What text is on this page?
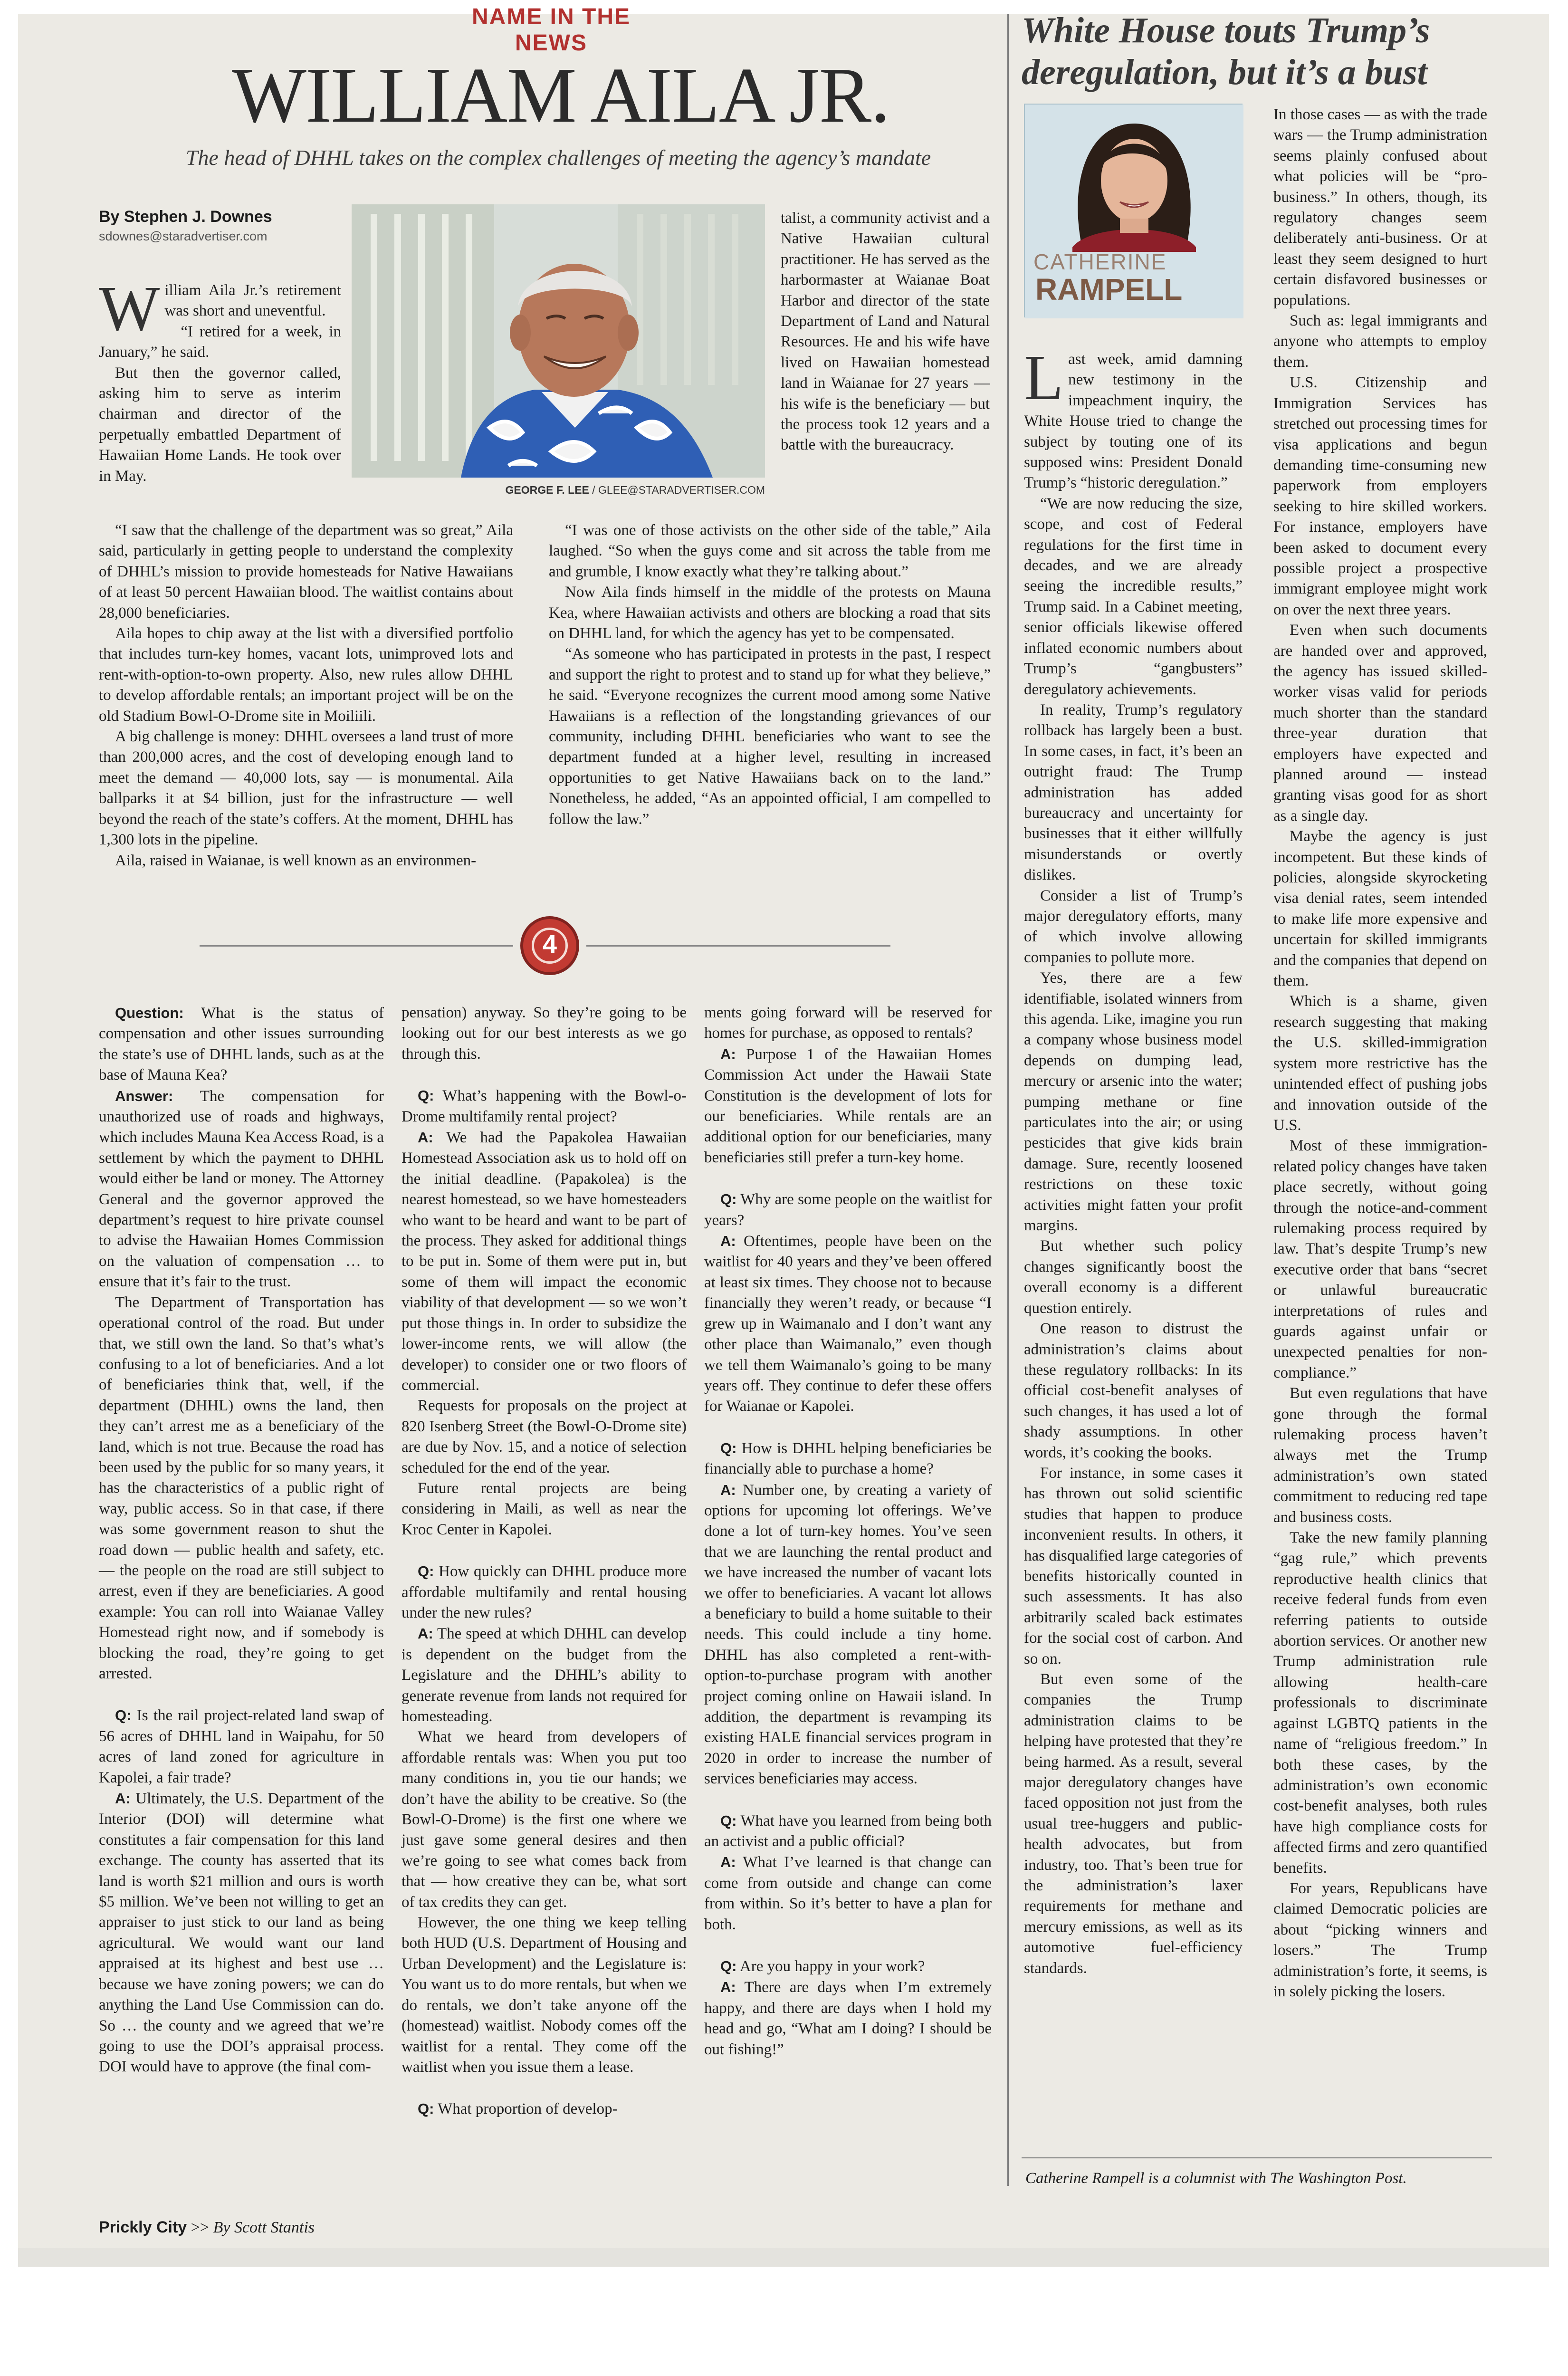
NAME IN THE NEWS
WILLIAM AILA JR.
The head of DHHL takes on the complex challenges of meeting the agency’s mandate
By Stephen J. Downes
sdownes@staradvertiser.com
GEORGE F. LEE / GLEE@STARADVERTISER.COM
W illiam Aila Jr.’s retirement was short and uneventful.

“I retired for a week, in January,” he said.

But then the governor called, asking him to serve as interim chairman and director of the perpetually embattled Department of Hawaiian Home Lands. He took over in May.

talist, a community activist and a Native Hawaiian cultural practitioner. He has served as the harbormaster at Waianae Boat Harbor and director of the state Department of Land and Natural Resources. He and his wife have lived on Hawaiian homestead land in Waianae for 27 years — his wife is the beneficiary — but the process took 12 years and a battle with the bureaucracy.

“I saw that the challenge of the department was so great,” Aila said, particularly in getting people to understand the complexity of DHHL’s mission to provide homesteads for Native Hawaiians of at least 50 percent Hawaiian blood. The waitlist contains about 28,000 beneficiaries.

Aila hopes to chip away at the list with a diversified portfolio that includes turn-key homes, vacant lots, unimproved lots and rent-with-option-to-own property. Also, new rules allow DHHL to develop affordable rentals; an important project will be on the old Stadium Bowl-O-Drome site in Moiliili.

A big challenge is money: DHHL oversees a land trust of more than 200,000 acres, and the cost of developing enough land to meet the demand — 40,000 lots, say — is monumental. Aila ballparks it at $4 billion, just for the infrastructure — well beyond the reach of the state’s coffers. At the moment, DHHL has 1,300 lots in the pipeline.

Aila, raised in Waianae, is well known as an environmen-

“I was one of those activists on the other side of the table,” Aila laughed. “So when the guys come and sit across the table from me and grumble, I know exactly what they’re talking about.”

Now Aila finds himself in the middle of the protests on Mauna Kea, where Hawaiian activists and others are blocking a road that sits on DHHL land, for which the agency has yet to be compensated.

“As someone who has participated in protests in the past, I respect and support the right to protest and to stand up for what they believe,” he said. “Everyone recognizes the current mood among some Native Hawaiians is a reflection of the longstanding grievances of our community, including DHHL beneficiaries who want to see the department funded at a higher level, resulting in increased opportunities to get Native Hawaiians back on to the land.” Nonetheless, he added, “As an appointed official, I am compelled to follow the law.”

4

Question: What is the status of compensation and other issues surrounding the state’s use of DHHL lands, such as at the base of Mauna Kea?

Answer: The compensation for unauthorized use of roads and highways, which includes Mauna Kea Access Road, is a settlement by which the payment to DHHL would either be land or money. The Attorney General and the governor approved the department’s request to hire private counsel to advise the Hawaiian Homes Commission on the valuation of compensation … to ensure that it’s fair to the trust.

The Department of Transportation has operational control of the road. But under that, we still own the land. So that’s what’s confusing to a lot of beneficiaries. And a lot of beneficiaries think that, well, if the department (DHHL) owns the land, then they can’t arrest me as a beneficiary of the land, which is not true. Because the road has been used by the public for so many years, it has the characteristics of a public right of way, public access. So in that case, if there was some government reason to shut the road down — public health and safety, etc. — the people on the road are still subject to arrest, even if they are beneficiaries. A good example: You can roll into Waianae Valley Homestead right now, and if somebody is blocking the road, they’re going to get arrested.

Q: Is the rail project-related land swap of 56 acres of DHHL land in Waipahu, for 50 acres of land zoned for agriculture in Kapolei, a fair trade?

A: Ultimately, the U.S. Department of the Interior (DOI) will determine what constitutes a fair compensation for this land exchange. The county has asserted that its land is worth $21 million and ours is worth $5 million. We’ve been not willing to get an appraiser to just stick to our land as being agricultural. We would want our land appraised at its highest and best use … because we have zoning powers; we can do anything the Land Use Commission can do. So … the county and we agreed that we’re going to use the DOI’s appraisal process. DOI would have to approve (the final com-

pensation) anyway. So they’re going to be looking out for our best interests as we go through this.

Q: What’s happening with the Bowl-o-Drome multifamily rental project?

A: We had the Papakolea Hawaiian Homestead Association ask us to hold off on the initial deadline. (Papakolea) is the nearest homestead, so we have homesteaders who want to be heard and want to be part of the process. They asked for additional things to be put in. Some of them were put in, but some of them will impact the economic viability of that development — so we won’t put those things in. In order to subsidize the lower-income rents, we will allow (the developer) to consider one or two floors of commercial.

Requests for proposals on the project at 820 Isenberg Street (the Bowl-O-Drome site) are due by Nov. 15, and a notice of selection scheduled for the end of the year.

Future rental projects are being considering in Maili, as well as near the Kroc Center in Kapolei.

Q: How quickly can DHHL produce more affordable multifamily and rental housing under the new rules?

A: The speed at which DHHL can develop is dependent on the budget from the Legislature and the DHHL’s ability to generate revenue from lands not required for homesteading.

What we heard from developers of affordable rentals was: When you put too many conditions in, you tie our hands; we don’t have the ability to be creative. So (the Bowl-O-Drome) is the first one where we just gave some general desires and then we’re going to see what comes back from that — how creative they can be, what sort of tax credits they can get.

However, the one thing we keep telling both HUD (U.S. Department of Housing and Urban Development) and the Legislature is: You want us to do more rentals, but when we do rentals, we don’t take anyone off the (homestead) waitlist. Nobody comes off the waitlist for a rental. They come off the waitlist when you issue them a lease.

Q: What proportion of develop-

ments going forward will be reserved for homes for purchase, as opposed to rentals?

A: Purpose 1 of the Hawaiian Homes Commission Act under the Hawaii State Constitution is the development of lots for our beneficiaries. While rentals are an additional option for our beneficiaries, many beneficiaries still prefer a turn-key home.

Q: Why are some people on the waitlist for years?

A: Oftentimes, people have been on the waitlist for 40 years and they’ve been offered at least six times. They choose not to because financially they weren’t ready, or because “I grew up in Waimanalo and I don’t want any other place than Waimanalo,” even though we tell them Waimanalo’s going to be many years off. They continue to defer these offers for Waianae or Kapolei.

Q: How is DHHL helping beneficiaries be financially able to purchase a home?

A: Number one, by creating a variety of options for upcoming lot offerings. We’ve done a lot of turn-key homes. You’ve seen that we are launching the rental product and we have increased the number of vacant lots we offer to beneficiaries. A vacant lot allows a beneficiary to build a home suitable to their needs. This could include a tiny home. DHHL has also completed a rent-with-option-to-purchase program with another project coming online on Hawaii island. In addition, the department is revamping its existing HALE financial services program in 2020 in order to increase the number of services beneficiaries may access.

Q: What have you learned from being both an activist and a public official?

A: What I’ve learned is that change can come from outside and change can come from within. So it’s better to have a plan for both.

Q: Are you happy in your work?

A: There are days when I’m extremely happy, and there are days when I hold my head and go, “What am I doing? I should be out fishing!”

Prickly City >> By Scott Stantis
White House touts Trump’s deregulation, but it’s a bust
CATHERINE
RAMPELL
L ast week, amid damning new testimony in the impeachment inquiry, the White House tried to change the subject by touting one of its supposed wins: President Donald Trump’s “historic deregulation.”

“We are now reducing the size, scope, and cost of Federal regulations for the first time in decades, and we are already seeing the incredible results,” Trump said. In a Cabinet meeting, senior officials likewise offered inflated economic numbers about Trump’s “gangbusters” deregulatory achievements.

In reality, Trump’s regulatory rollback has largely been a bust. In some cases, in fact, it’s been an outright fraud: The Trump administration has added bureaucracy and uncertainty for businesses that it either willfully misunderstands or overtly dislikes.

Consider a list of Trump’s major deregulatory efforts, many of which involve allowing companies to pollute more.

Yes, there are a few identifiable, isolated winners from this agenda. Like, imagine you run a company whose business model depends on dumping lead, mercury or arsenic into the water; pumping methane or fine particulates into the air; or using pesticides that give kids brain damage. Sure, recently loosened restrictions on these toxic activities might fatten your profit margins.

But whether such policy changes significantly boost the overall economy is a different question entirely.

One reason to distrust the administration’s claims about these regulatory rollbacks: In its official cost-benefit analyses of such changes, it has used a lot of shady assumptions. In other words, it’s cooking the books.

For instance, in some cases it has thrown out solid scientific studies that happen to produce inconvenient results. In others, it has disqualified large categories of benefits historically counted in such assessments. It has also arbitrarily scaled back estimates for the social cost of carbon. And so on.

But even some of the companies the Trump administration claims to be helping have protested that they’re being harmed. As a result, several major deregulatory changes have faced opposition not just from the usual tree-huggers and public-health advocates, but from industry, too. That’s been true for the administration’s laxer requirements for methane and mercury emissions, as well as its automotive fuel-efficiency standards.

In those cases — as with the trade wars — the Trump administration seems plainly confused about what policies will be “pro-business.” In others, though, its regulatory changes seem deliberately anti-business. Or at least they seem designed to hurt certain disfavored businesses or populations.

Such as: legal immigrants and anyone who attempts to employ them.

U.S. Citizenship and Immigration Services has stretched out processing times for visa applications and begun demanding time-consuming new paperwork from employers seeking to hire skilled workers. For instance, employers have been asked to document every possible project a prospective immigrant employee might work on over the next three years.

Even when such documents are handed over and approved, the agency has issued skilled-worker visas valid for periods much shorter than the standard three-year duration that employers have expected and planned around — instead granting visas good for as short as a single day.

Maybe the agency is just incompetent. But these kinds of policies, alongside skyrocketing visa denial rates, seem intended to make life more expensive and uncertain for skilled immigrants and the companies that depend on them.

Which is a shame, given research suggesting that making the U.S. skilled-immigration system more restrictive has the unintended effect of pushing jobs and innovation outside of the U.S.

Most of these immigration-related policy changes have taken place secretly, without going through the notice-and-comment rulemaking process required by law. That’s despite Trump’s new executive order that bans “secret or unlawful bureaucratic interpretations of rules and guards against unfair or unexpected penalties for non-compliance.”

But even regulations that have gone through the formal rulemaking process haven’t always met the Trump administration’s own stated commitment to reducing red tape and business costs.

Take the new family planning “gag rule,” which prevents reproductive health clinics that receive federal funds from even referring patients to outside abortion services. Or another new Trump administration rule allowing health-care professionals to discriminate against LGBTQ patients in the name of “religious freedom.” In both these cases, by the administration’s own economic cost-benefit analyses, both rules have high compliance costs for affected firms and zero quantified benefits.

For years, Republicans have claimed Democratic policies are about “picking winners and losers.” The Trump administration’s forte, it seems, is in solely picking the losers.

Catherine Rampell is a columnist with The Washington Post.
